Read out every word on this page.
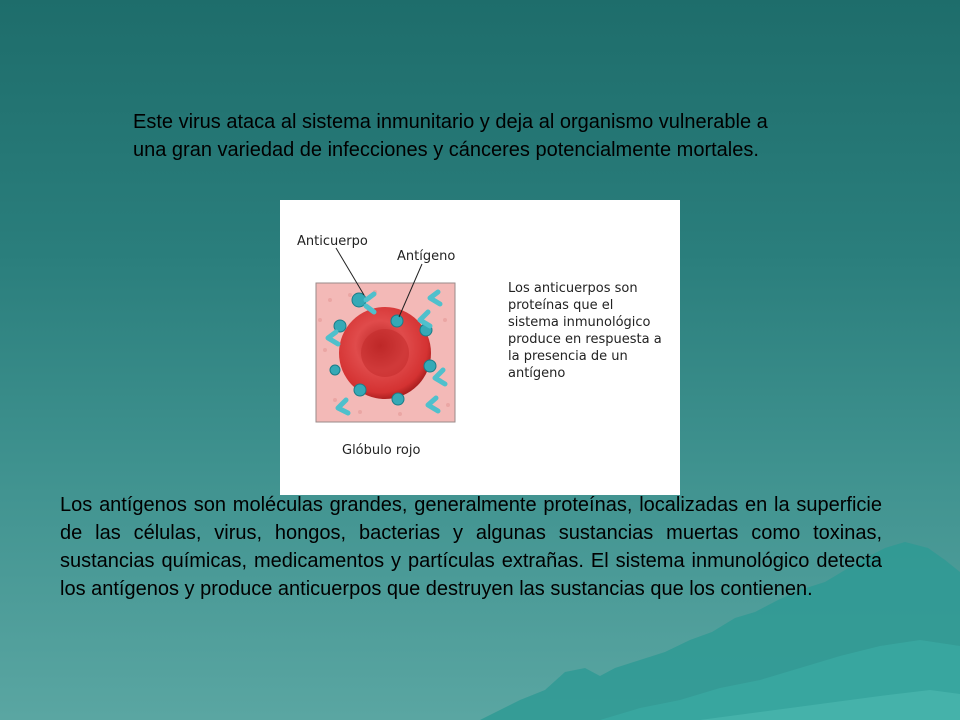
Este virus ataca al sistema inmunitario y deja al organismo vulnerable a una gran variedad de infecciones y cánceres potencialmente mortales.
Anticuerpo
Antígeno
Glóbulo rojo
Los anticuerpos son proteínas que el sistema inmunológico produce en respuesta a la presencia de un antígeno
Los antígenos son moléculas grandes, generalmente proteínas, localizadas en la superficie de las células, virus, hongos, bacterias y algunas sustancias muertas como toxinas, sustancias químicas, medicamentos y partículas extrañas. El sistema inmunológico detecta los antígenos y produce anticuerpos que destruyen las sustancias que los contienen.
